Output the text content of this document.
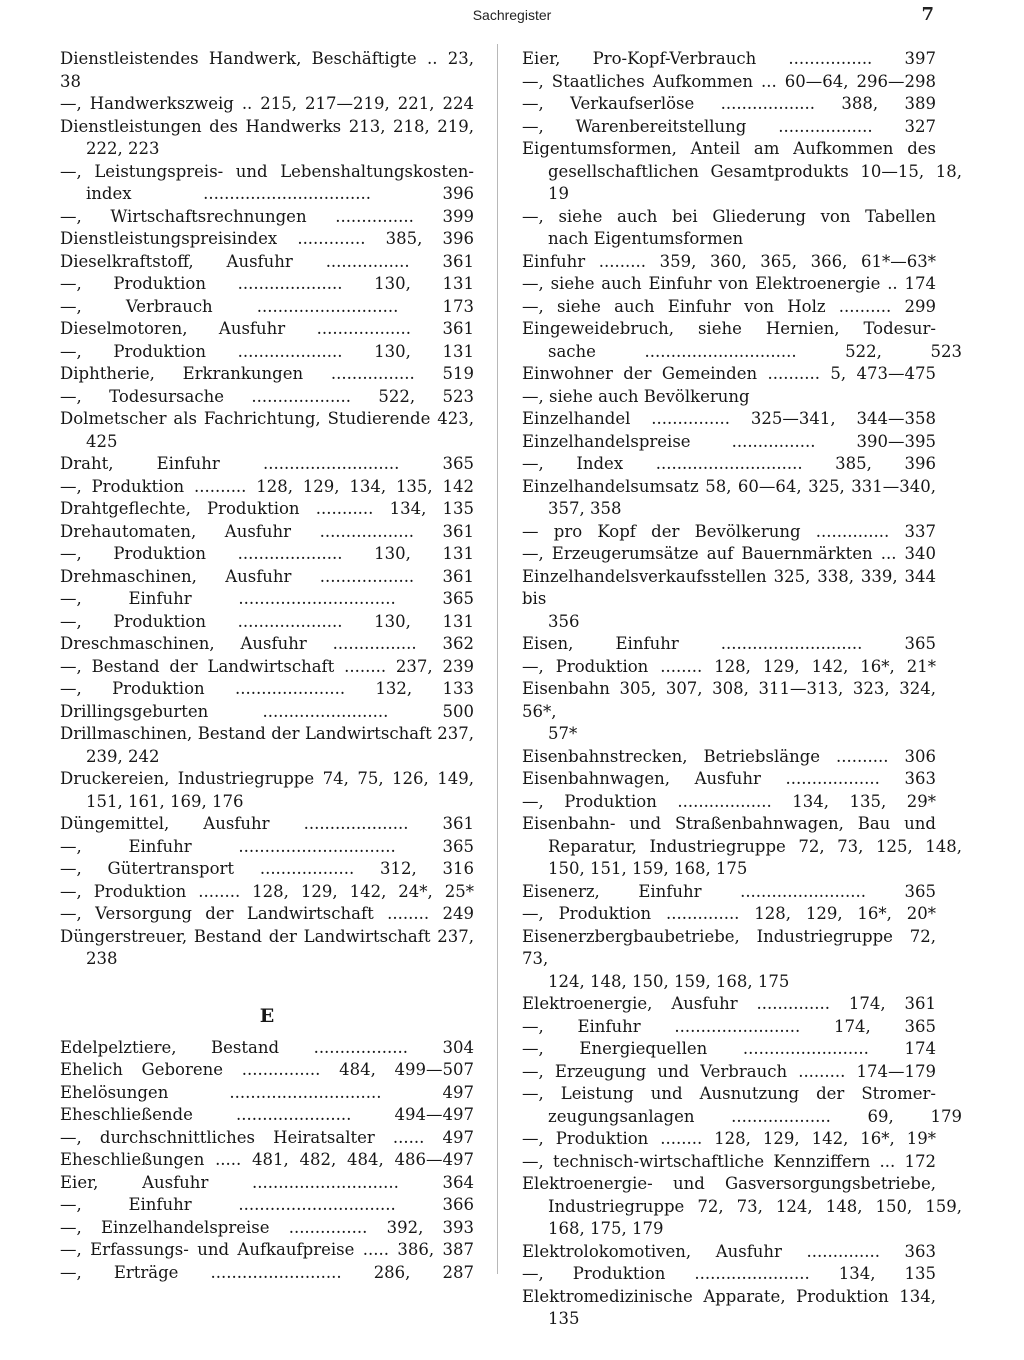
Sachregister	7
Dienstleistendes Handwerk, Beschäftigte .. 23, 38
—, Handwerkszweig .. 215, 217—219, 221, 224
Dienstleistungen des Handwerks 213, 218, 219,
222, 223
—, Leistungspreis- und Lebenshaltungskosten-
index ................................ 396
—, Wirtschaftsrechnungen ............... 399
Dienstleistungspreisindex ............. 385, 396
Dieselkraftstoff, Ausfuhr ................ 361
—, Produktion .................... 130, 131
—, Verbrauch ........................... 173
Dieselmotoren, Ausfuhr .................. 361
—, Produktion .................... 130, 131
Diphtherie, Erkrankungen ................ 519
—, Todesursache ................... 522, 523
Dolmetscher als Fachrichtung, Studierende 423,
425
Draht, Einfuhr .......................... 365
—, Produktion .......... 128, 129, 134, 135, 142
Drahtgeflechte, Produktion ........... 134, 135
Drehautomaten, Ausfuhr .................. 361
—, Produktion .................... 130, 131
Drehmaschinen, Ausfuhr .................. 361
—, Einfuhr .............................. 365
—, Produktion .................... 130, 131
Dreschmaschinen, Ausfuhr ................ 362
—, Bestand der Landwirtschaft ........ 237, 239
—, Produktion ..................... 132, 133
Drillingsgeburten ........................ 500
Drillmaschinen, Bestand der Landwirtschaft 237,
239, 242
Druckereien, Industriegruppe 74, 75, 126, 149,
151, 161, 169, 176
Düngemittel, Ausfuhr .................... 361
—, Einfuhr .............................. 365
—, Gütertransport .................. 312, 316
—, Produktion ........ 128, 129, 142, 24*, 25*
—, Versorgung der Landwirtschaft ........ 249
Düngerstreuer, Bestand der Landwirtschaft 237,
238
E
Edelpelztiere, Bestand .................. 304
Ehelich Geborene ............... 484, 499—507
Ehelösungen ............................. 497
Eheschließende ...................... 494—497
—, durchschnittliches Heiratsalter ...... 497
Eheschließungen ..... 481, 482, 484, 486—497
Eier, Ausfuhr ............................ 364
—, Einfuhr .............................. 366
—, Einzelhandelspreise ............... 392, 393
—, Erfassungs- und Aufkaufpreise ..... 386, 387
—, Erträge ......................... 286, 287
Eier, Pro-Kopf-Verbrauch ................ 397
—, Staatliches Aufkommen ... 60—64, 296—298
—, Verkaufserlöse .................. 388, 389
—, Warenbereitstellung .................. 327
Eigentumsformen, Anteil am Aufkommen des
gesellschaftlichen Gesamtprodukts 10—15, 18,
19
—, siehe auch bei Gliederung von Tabellen
nach Eigentumsformen
Einfuhr ......... 359, 360, 365, 366, 61*—63*
—, siehe auch Einfuhr von Elektroenergie .. 174
—, siehe auch Einfuhr von Holz .......... 299
Eingeweidebruch, siehe Hernien, Todesur-
sache ............................. 522, 523
Einwohner der Gemeinden .......... 5, 473—475
—, siehe auch Bevölkerung
Einzelhandel ............... 325—341, 344—358
Einzelhandelspreise ................ 390—395
—, Index ............................ 385, 396
Einzelhandelsumsatz 58, 60—64, 325, 331—340,
357, 358
— pro Kopf der Bevölkerung .............. 337
—, Erzeugerumsätze auf Bauernmärkten ... 340
Einzelhandelsverkaufsstellen 325, 338, 339, 344 bis
356
Eisen, Einfuhr ........................... 365
—, Produktion ........ 128, 129, 142, 16*, 21*
Eisenbahn 305, 307, 308, 311—313, 323, 324, 56*,
57*
Eisenbahnstrecken, Betriebslänge .......... 306
Eisenbahnwagen, Ausfuhr .................. 363
—, Produktion .................. 134, 135, 29*
Eisenbahn- und Straßenbahnwagen, Bau und
Reparatur, Industriegruppe 72, 73, 125, 148,
150, 151, 159, 168, 175
Eisenerz, Einfuhr ........................ 365
—, Produktion .............. 128, 129, 16*, 20*
Eisenerzbergbaubetriebe, Industriegruppe 72, 73,
124, 148, 150, 159, 168, 175
Elektroenergie, Ausfuhr .............. 174, 361
—, Einfuhr ........................ 174, 365
—, Energiequellen ........................ 174
—, Erzeugung und Verbrauch ......... 174—179
—, Leistung und Ausnutzung der Stromer-
zeugungsanlagen ................... 69, 179
—, Produktion ........ 128, 129, 142, 16*, 19*
—, technisch-wirtschaftliche Kennziffern ... 172
Elektroenergie- und Gasversorgungsbetriebe,
Industriegruppe 72, 73, 124, 148, 150, 159,
168, 175, 179
Elektrolokomotiven, Ausfuhr .............. 363
—, Produktion ...................... 134, 135
Elektromedizinische Apparate, Produktion 134,
135
